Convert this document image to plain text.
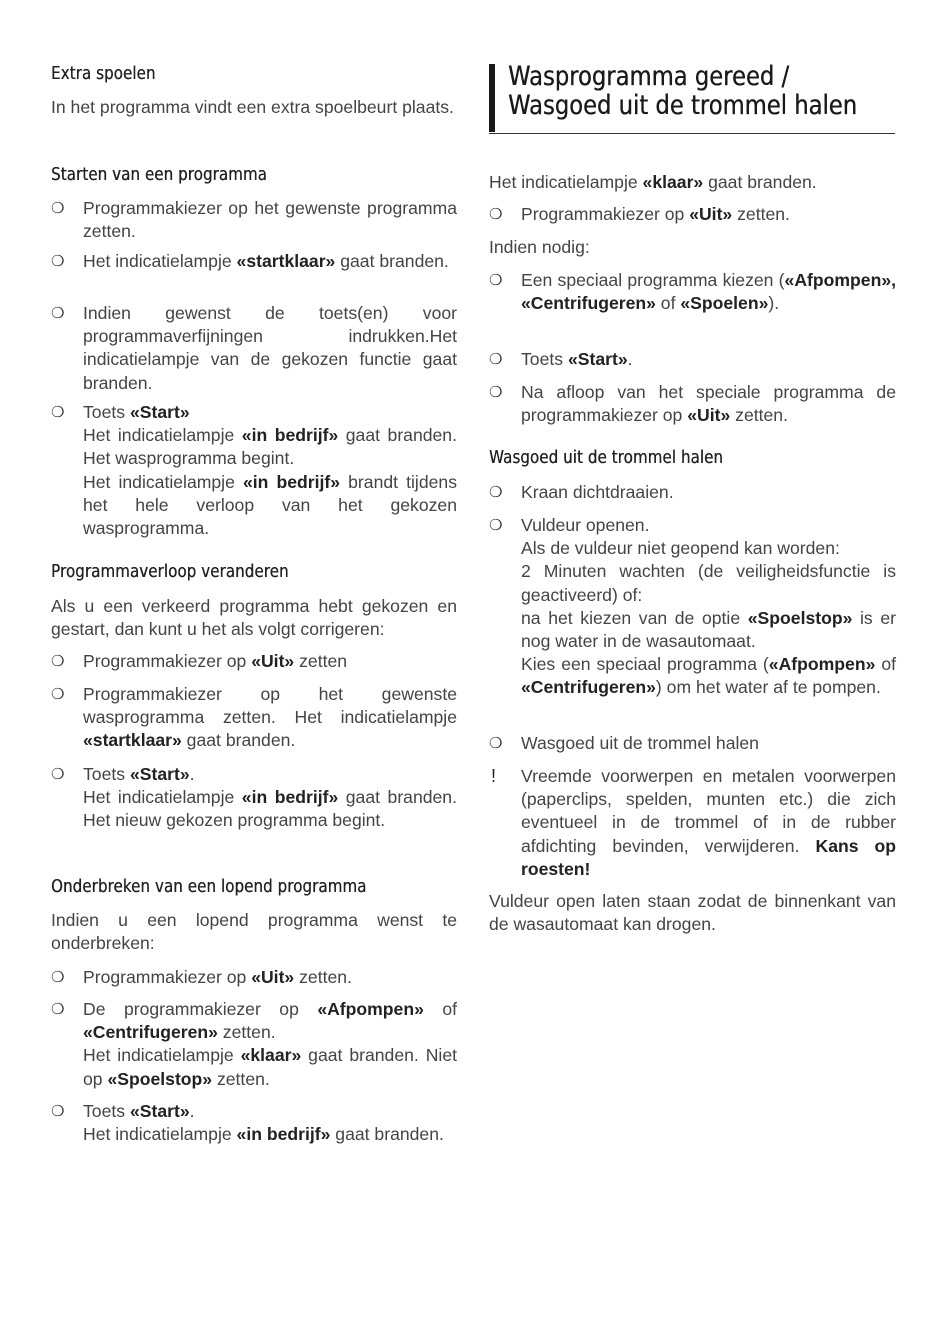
Extra spoelen

In het programma vindt een extra spoelbeurt plaats.

Starten van een programma
❍ Programmakiezer op het gewenste programma zetten.
❍ Het indicatielampje «startklaar» gaat branden.
❍ Indien gewenst de toets(en) voor programmaverfijningen indrukken.Het indicatielampje van de gekozen functie gaat branden.
❍ Toets «Start»

Het indicatielampje «in bedrijf» gaat branden. Het wasprogramma begint.

Het indicatielampje «in bedrijf» brandt tijdens het hele verloop van het gekozen wasprogramma.

Programmaverloop veranderen

Als u een verkeerd programma hebt gekozen en gestart, dan kunt u het als volgt corrigeren:

❍ Programmakiezer op «Uit» zetten
❍ Programmakiezer op het gewenste wasprogramma zetten. Het indicatielampje «startklaar» gaat branden.
❍ Toets «Start».

Het indicatielampje «in bedrijf» gaat branden. Het nieuw gekozen programma begint.

Onderbreken van een lopend programma

Indien u een lopend programma wenst te onderbreken:

❍ Programmakiezer op «Uit» zetten.
❍ De programmakiezer op «Afpompen» of «Centrifugeren» zetten.

Het indicatielampje «klaar» gaat branden. Niet op «Spoelstop» zetten.

❍ Toets «Start».

Het indicatielampje «in bedrijf» gaat branden.

Wasprogramma gereed /
Wasgoed uit de trommel halen

Het indicatielampje «klaar» gaat branden.

❍ Programmakiezer op «Uit» zetten.

Indien nodig:

❍ Een speciaal programma kiezen («Afpompen», «Centrifugeren» of «Spoelen»).
❍ Toets «Start».
❍ Na afloop van het speciale programma de programmakiezer op «Uit» zetten.
Wasgoed uit de trommel halen
❍ Kraan dichtdraaien.
❍ Vuldeur openen.

Als de vuldeur niet geopend kan worden:

2 Minuten wachten (de veiligheidsfunctie is geactiveerd) of:

na het kiezen van de optie «Spoelstop» is er nog water in de wasautomaat.

Kies een speciaal programma («Afpompen» of «Centrifugeren») om het water af te pompen.

❍ Wasgoed uit de trommel halen
! Vreemde voorwerpen en metalen voorwerpen (paperclips, spelden, munten etc.) die zich eventueel in de trommel of in de rubber afdichting bevinden, verwijderen. Kans op roesten!

Vuldeur open laten staan zodat de binnenkant van de wasautomaat kan drogen.
